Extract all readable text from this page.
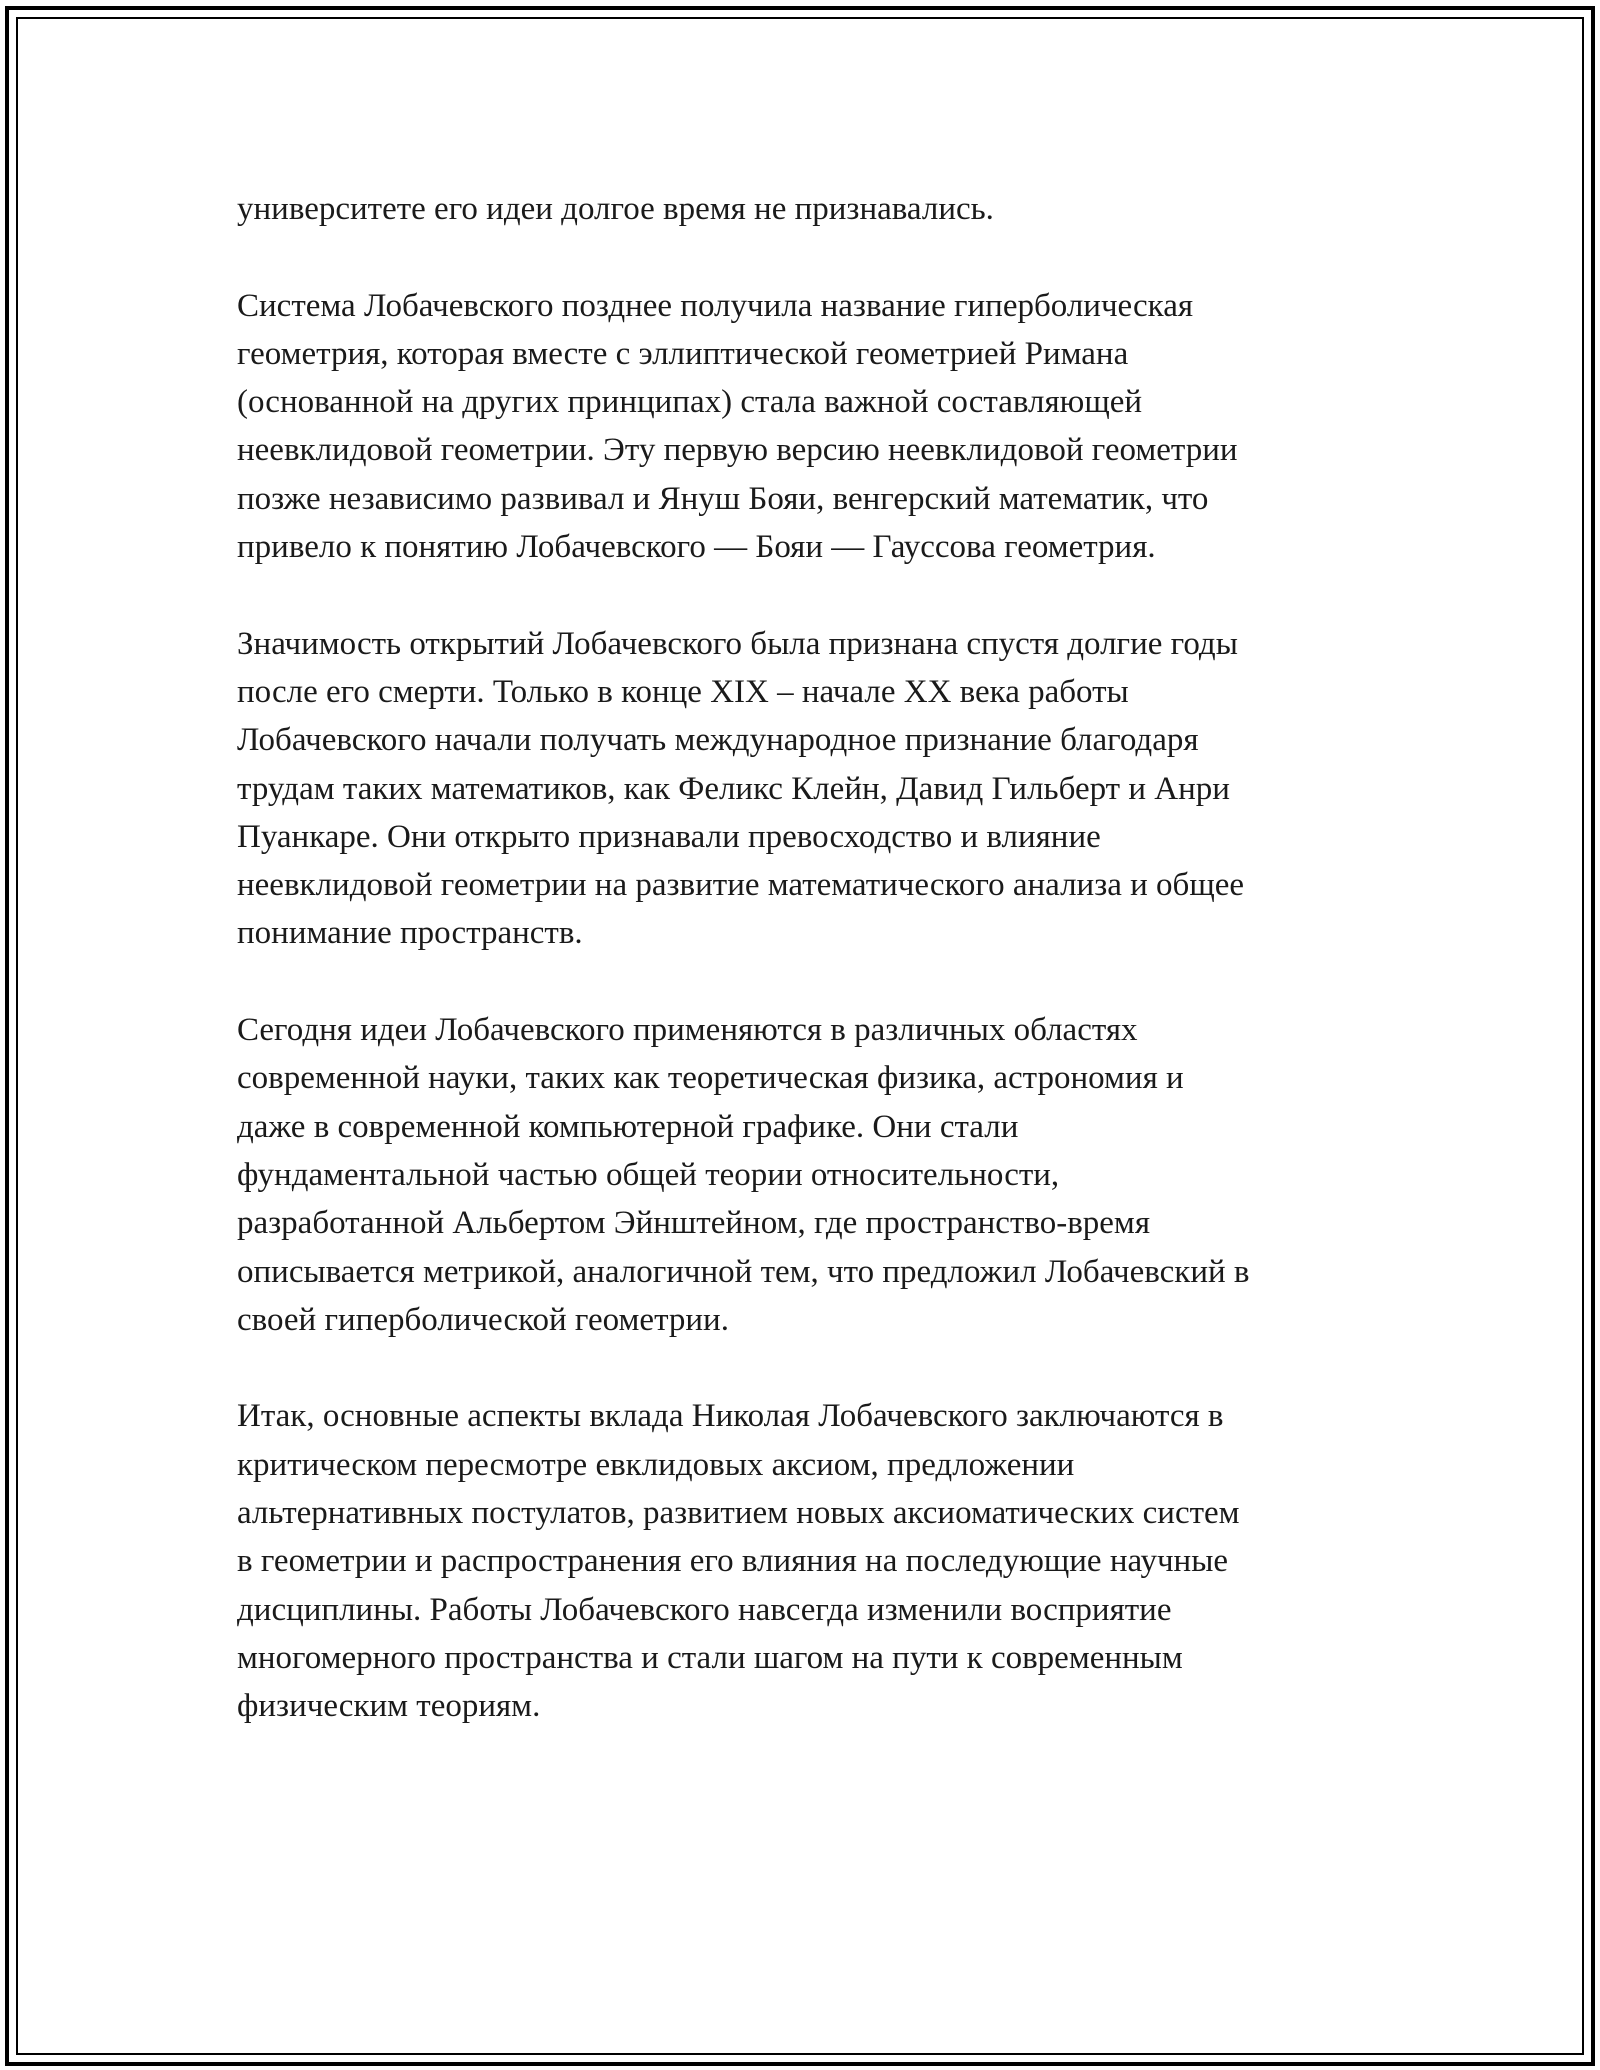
университете его идеи долгое время не признавались.

Система Лобачевского позднее получила название гиперболическая
геометрия, которая вместе с эллиптической геометрией Римана
(основанной на других принципах) стала важной составляющей
неевклидовой геометрии. Эту первую версию неевклидовой геометрии
позже независимо развивал и Януш Бояи, венгерский математик, что
привело к понятию Лобачевского — Бояи — Гауссова геометрия.

Значимость открытий Лобачевского была признана спустя долгие годы
после его смерти. Только в конце XIX – начале XX века работы
Лобачевского начали получать международное признание благодаря
трудам таких математиков, как Феликс Клейн, Давид Гильберт и Анри
Пуанкаре. Они открыто признавали превосходство и влияние
неевклидовой геометрии на развитие математического анализа и общее
понимание пространств.

Сегодня идеи Лобачевского применяются в различных областях
современной науки, таких как теоретическая физика, астрономия и
даже в современной компьютерной графике. Они стали
фундаментальной частью общей теории относительности,
разработанной Альбертом Эйнштейном, где пространство-время
описывается метрикой, аналогичной тем, что предложил Лобачевский в
своей гиперболической геометрии.

Итак, основные аспекты вклада Николая Лобачевского заключаются в
критическом пересмотре евклидовых аксиом, предложении
альтернативных постулатов, развитием новых аксиоматических систем
в геометрии и распространения его влияния на последующие научные
дисциплины. Работы Лобачевского навсегда изменили восприятие
многомерного пространства и стали шагом на пути к современным
физическим теориям.
